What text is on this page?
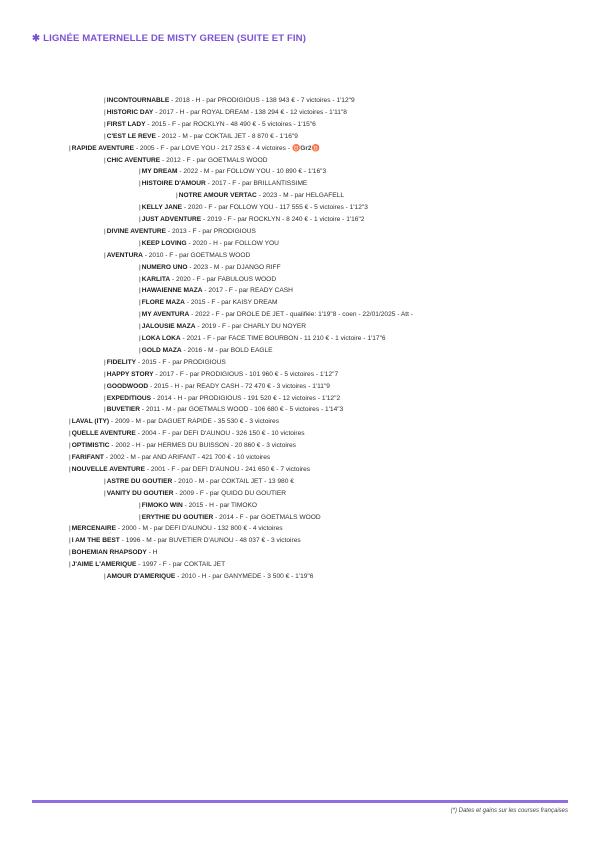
✱ LIGNÉE MATERNELLE DE MISTY GREEN (SUITE ET FIN)
|INCONTOURNABLE - 2018 - H - par PRODIGIOUS - 138 943 € - 7 victoires - 1'12"9
|HISTORIC DAY - 2017 - H - par ROYAL DREAM - 138 294 € - 12 victoires - 1'11"8
|FIRST LADY - 2015 - F - par ROCKLYN - 48 490 € - 5 victoires - 1'15"6
|C'EST LE REVE - 2012 - M - par COKTAIL JET - 8 870 € - 1'16"9
|RAPIDE AVENTURE - 2005 - F - par LOVE YOU - 217 253 € - 4 victoires - ♉Gr2♉
|CHIC AVENTURE - 2012 - F - par GOETMALS WOOD
|MY DREAM - 2022 - M - par FOLLOW YOU - 10 890 € - 1'16"3
|HISTOIRE D'AMOUR - 2017 - F - par BRILLANTISSIME
|NOTRE AMOUR VERTAC - 2023 - M - par HELGAFELL
|KELLY JANE - 2020 - F - par FOLLOW YOU - 117 555 € - 5 victoires - 1'12"3
|JUST ADVENTURE - 2019 - F - par ROCKLYN - 8 240 € - 1 victoire - 1'16"2
|DIVINE AVENTURE - 2013 - F - par PRODIGIOUS
|KEEP LOVING - 2020 - H - par FOLLOW YOU
|AVENTURA - 2010 - F - par GOETMALS WOOD
|NUMERO UNO - 2023 - M - par DJANGO RIFF
|KARLITA - 2020 - F - par FABULOUS WOOD
|HAWAIENNE MAZA - 2017 - F - par READY CASH
|FLORE MAZA - 2015 - F - par KAISY DREAM
|MY AVENTURA - 2022 - F - par DROLE DE JET - qualifiée: 1'19"8 - coen - 22/01/2025 - Att -
|JALOUSIE MAZA - 2019 - F - par CHARLY DU NOYER
|LOKA LOKA - 2021 - F - par FACE TIME BOURBON - 11 210 € - 1 victoire - 1'17"6
|GOLD MAZA - 2016 - M - par BOLD EAGLE
|FIDELITY - 2015 - F - par PRODIGIOUS
|HAPPY STORY - 2017 - F - par PRODIGIOUS - 101 960 € - 5 victoires - 1'12"7
|GOODWOOD - 2015 - H - par READY CASH - 72 470 € - 3 victoires - 1'11"9
|EXPEDITIOUS - 2014 - H - par PRODIGIOUS - 191 520 € - 12 victoires - 1'12"2
|BUVETIER - 2011 - M - par GOETMALS WOOD - 106 680 € - 5 victoires - 1'14"3
|LAVAL (ITY) - 2009 - M - par DAGUET RAPIDE - 35 530 € - 3 victoires
|QUELLE AVENTURE - 2004 - F - par DEFI D'AUNOU - 326 150 € - 10 victoires
|OPTIMISTIC - 2002 - H - par HERMES DU BUISSON - 20 860 € - 3 victoires
|FARIFANT - 2002 - M - par AND ARIFANT - 421 700 € - 10 victoires
|NOUVELLE AVENTURE - 2001 - F - par DEFI D'AUNOU - 241 650 € - 7 victoires
|ASTRE DU GOUTIER - 2010 - M - par COKTAIL JET - 13 980 €
|VANITY DU GOUTIER - 2009 - F - par QUIDO DU GOUTIER
|FIMOKO WIN - 2015 - H - par TIMOKO
|ERYTHIE DU GOUTIER - 2014 - F - par GOETMALS WOOD
|MERCENAIRE - 2000 - M - par DEFI D'AUNOU - 132 800 € - 4 victoires
|I AM THE BEST - 1996 - M - par BUVETIER D'AUNOU - 48 037 € - 3 victoires
|BOHEMIAN RHAPSODY - H
|J'AIME L'AMERIQUE - 1997 - F - par COKTAIL JET
|AMOUR D'AMERIQUE - 2010 - H - par GANYMEDE - 3 500 € - 1'19"6
(*) Dates et gains sur les courses françaises
